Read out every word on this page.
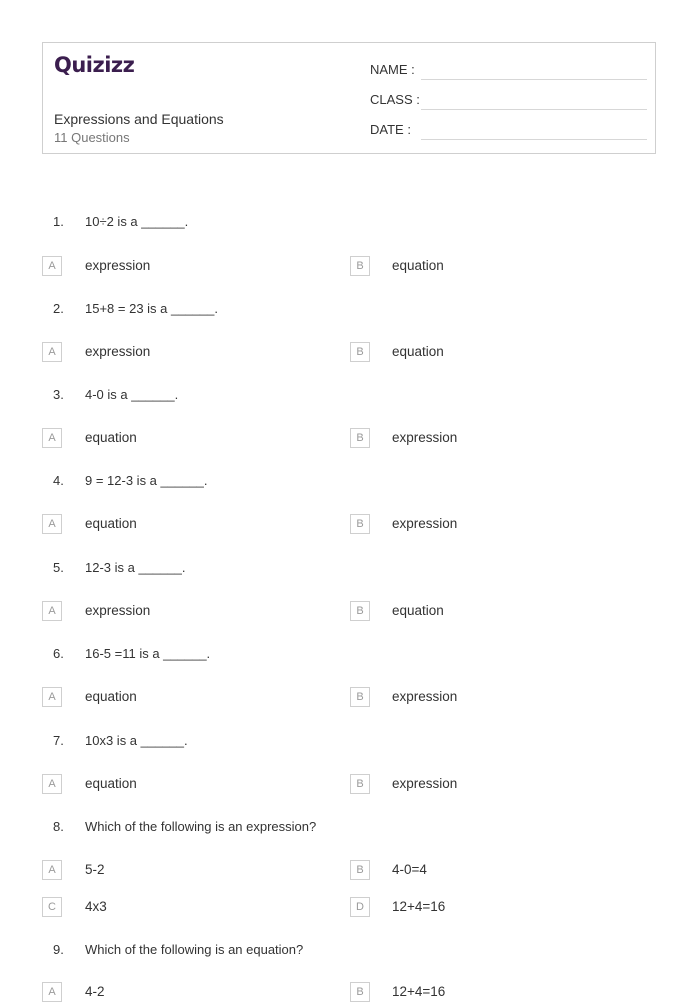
Quizizz
Expressions and Equations
11 Questions
NAME :
CLASS :
DATE :
1. 10÷2 is a ______.
A	expression	B	equation
2. 15+8 = 23 is a ______.
A	expression	B	equation
3. 4-0 is a ______.
A	equation	B	expression
4. 9 = 12-3 is a ______.
A	equation	B	expression
5. 12-3 is a ______.
A	expression	B	equation
6. 16-5 =11 is a ______.
A	equation	B	expression
7. 10x3 is a ______.
A	equation	B	expression
8. Which of the following is an expression?
A	5-2	B	4-0=4
C	4x3	D	12+4=16
9. Which of the following is an equation?
A	4-2	B	12+4=16
